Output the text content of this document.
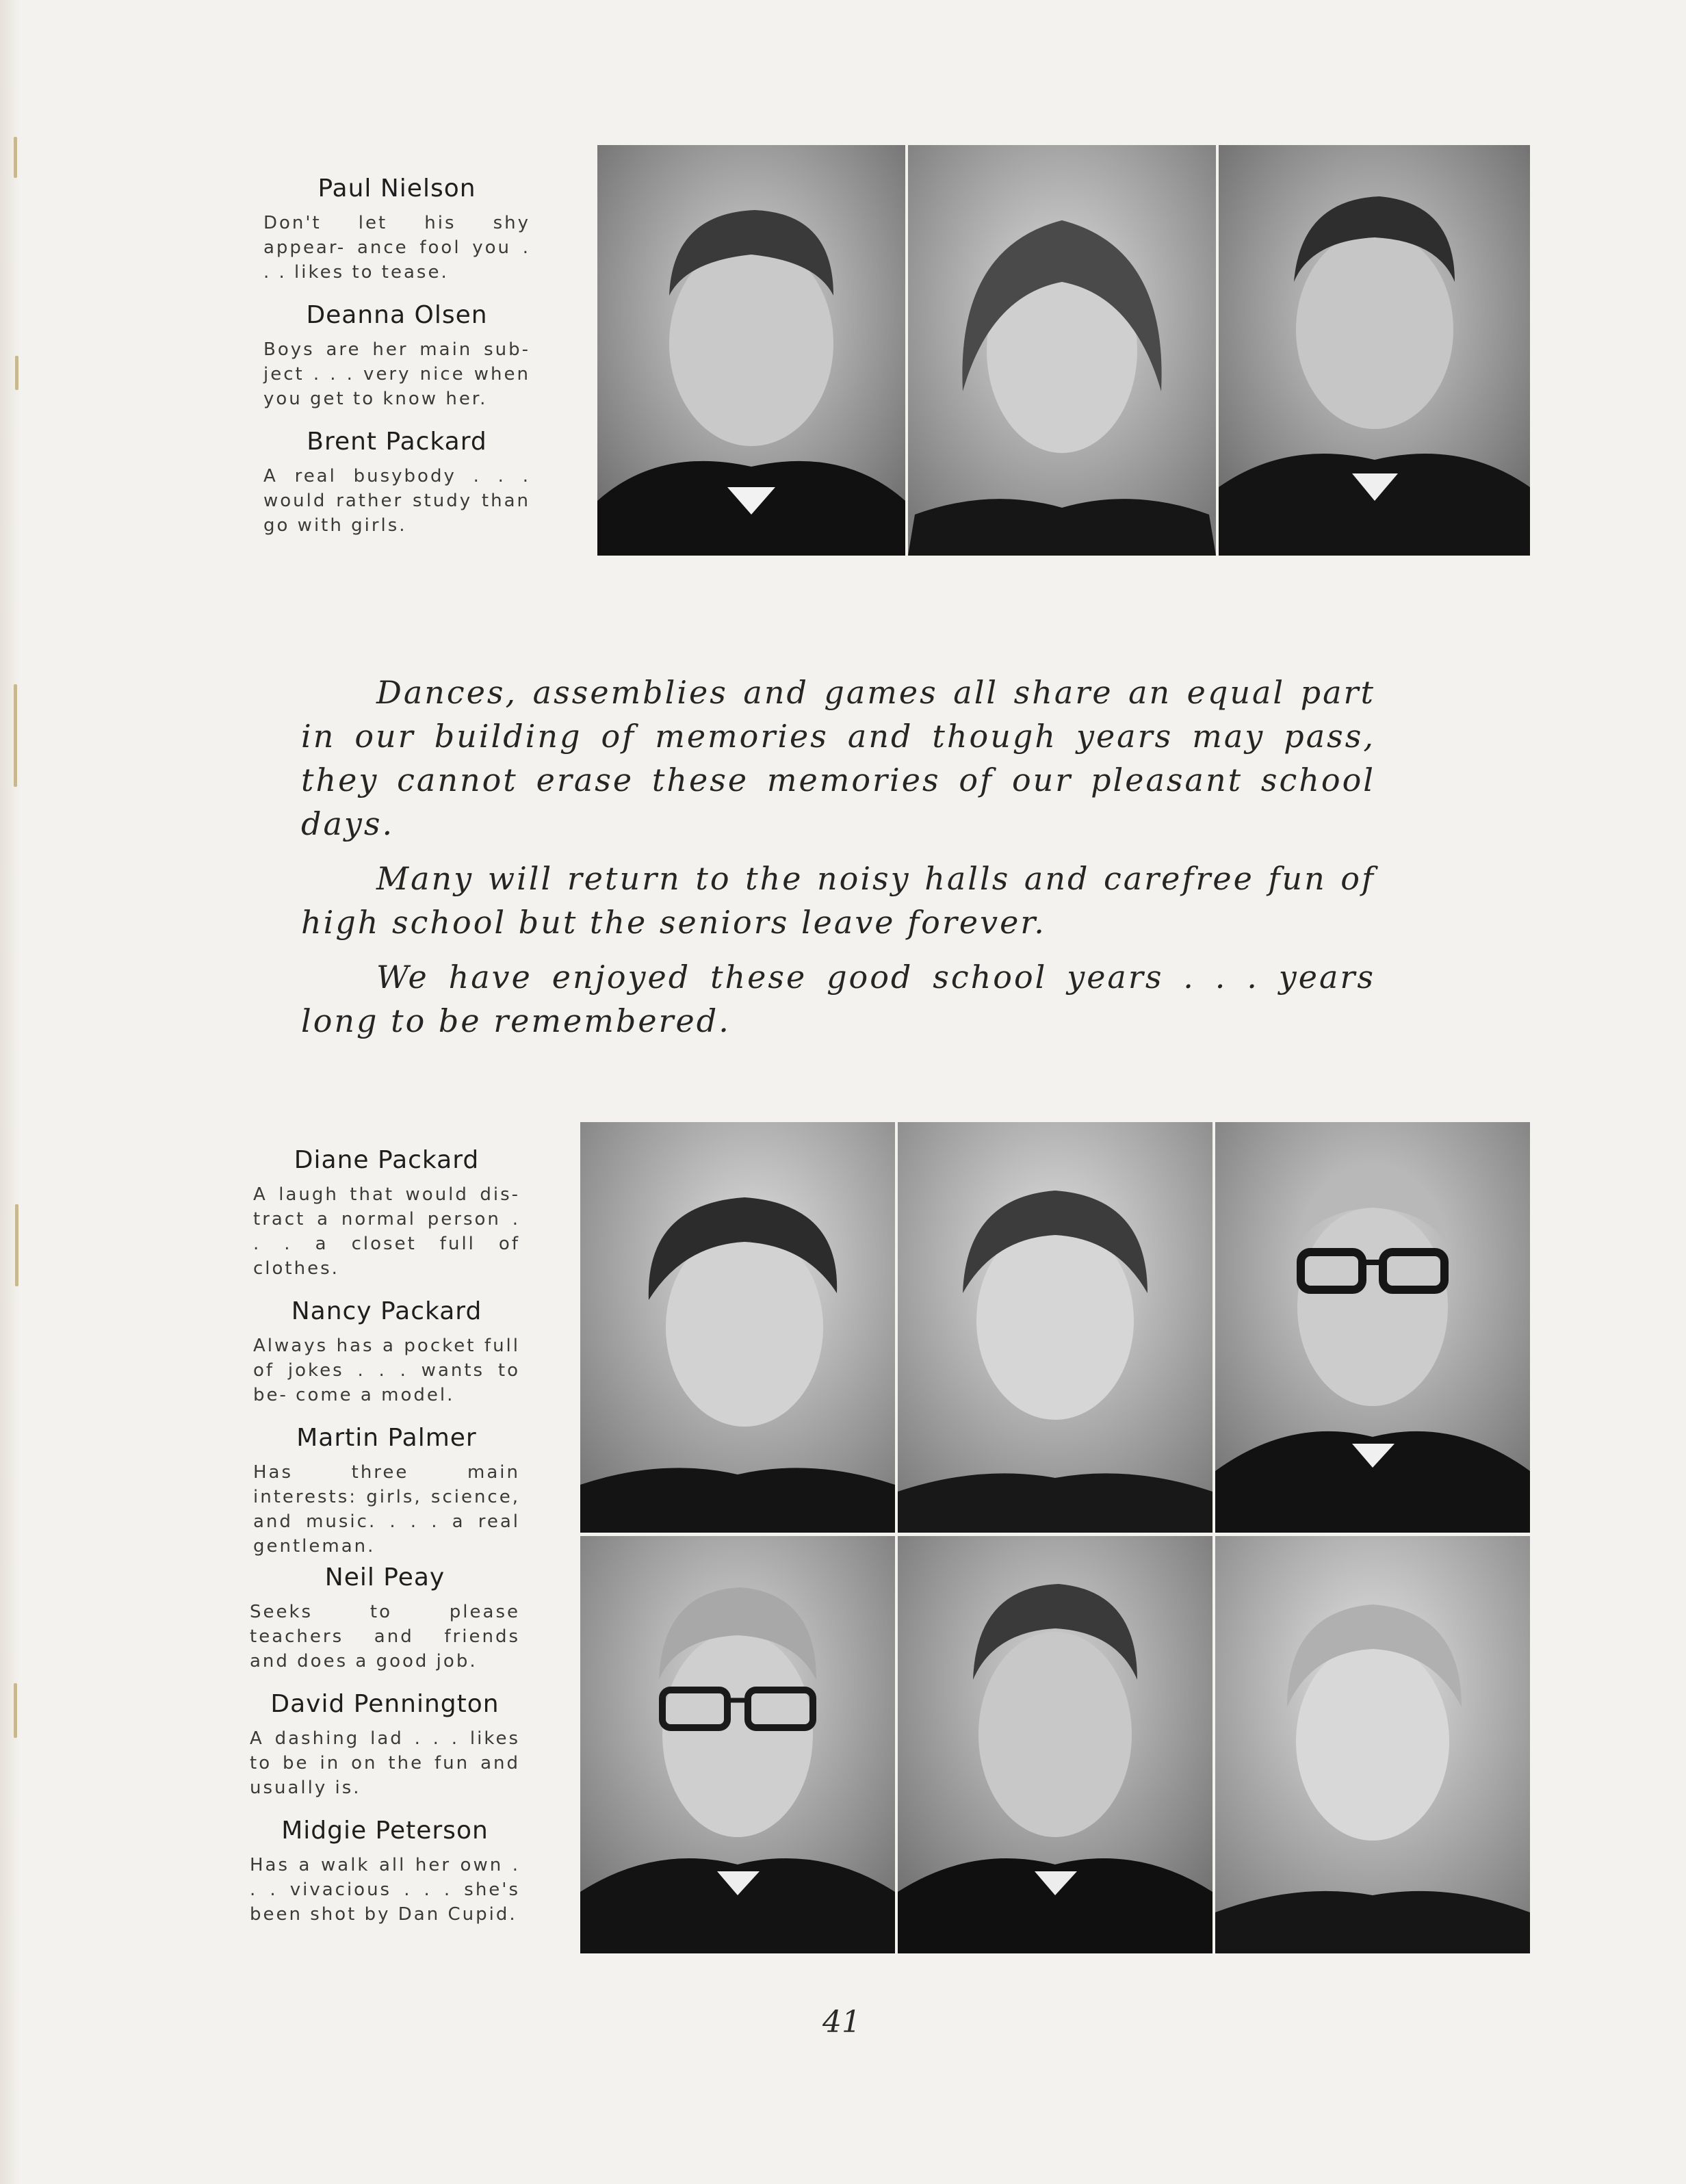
Paul Nielson
Don't let his shy appear- ance fool you . . . likes to tease.
Deanna Olsen
Boys are her main sub- ject . . . very nice when you get to know her.
Brent Packard
A real busybody . . . would rather study than go with girls.

Dances, assemblies and games all share an equal part in our building of memories and though years may pass, they cannot erase these memories of our pleasant school days.

Many will return to the noisy halls and carefree fun of high school but the seniors leave forever.

We have enjoyed these good school years . . . years long to be remembered.

Diane Packard
A laugh that would dis- tract a normal person . . . a closet full of clothes.
Nancy Packard
Always has a pocket full of jokes . . . wants to be- come a model.
Martin Palmer
Has three main interests: girls, science, and music. . . . a real gentleman.
Neil Peay
Seeks to please teachers and friends and does a good job.
David Pennington
A dashing lad . . . likes to be in on the fun and usually is.
Midgie Peterson
Has a walk all her own . . . vivacious . . . she's been shot by Dan Cupid.
41
